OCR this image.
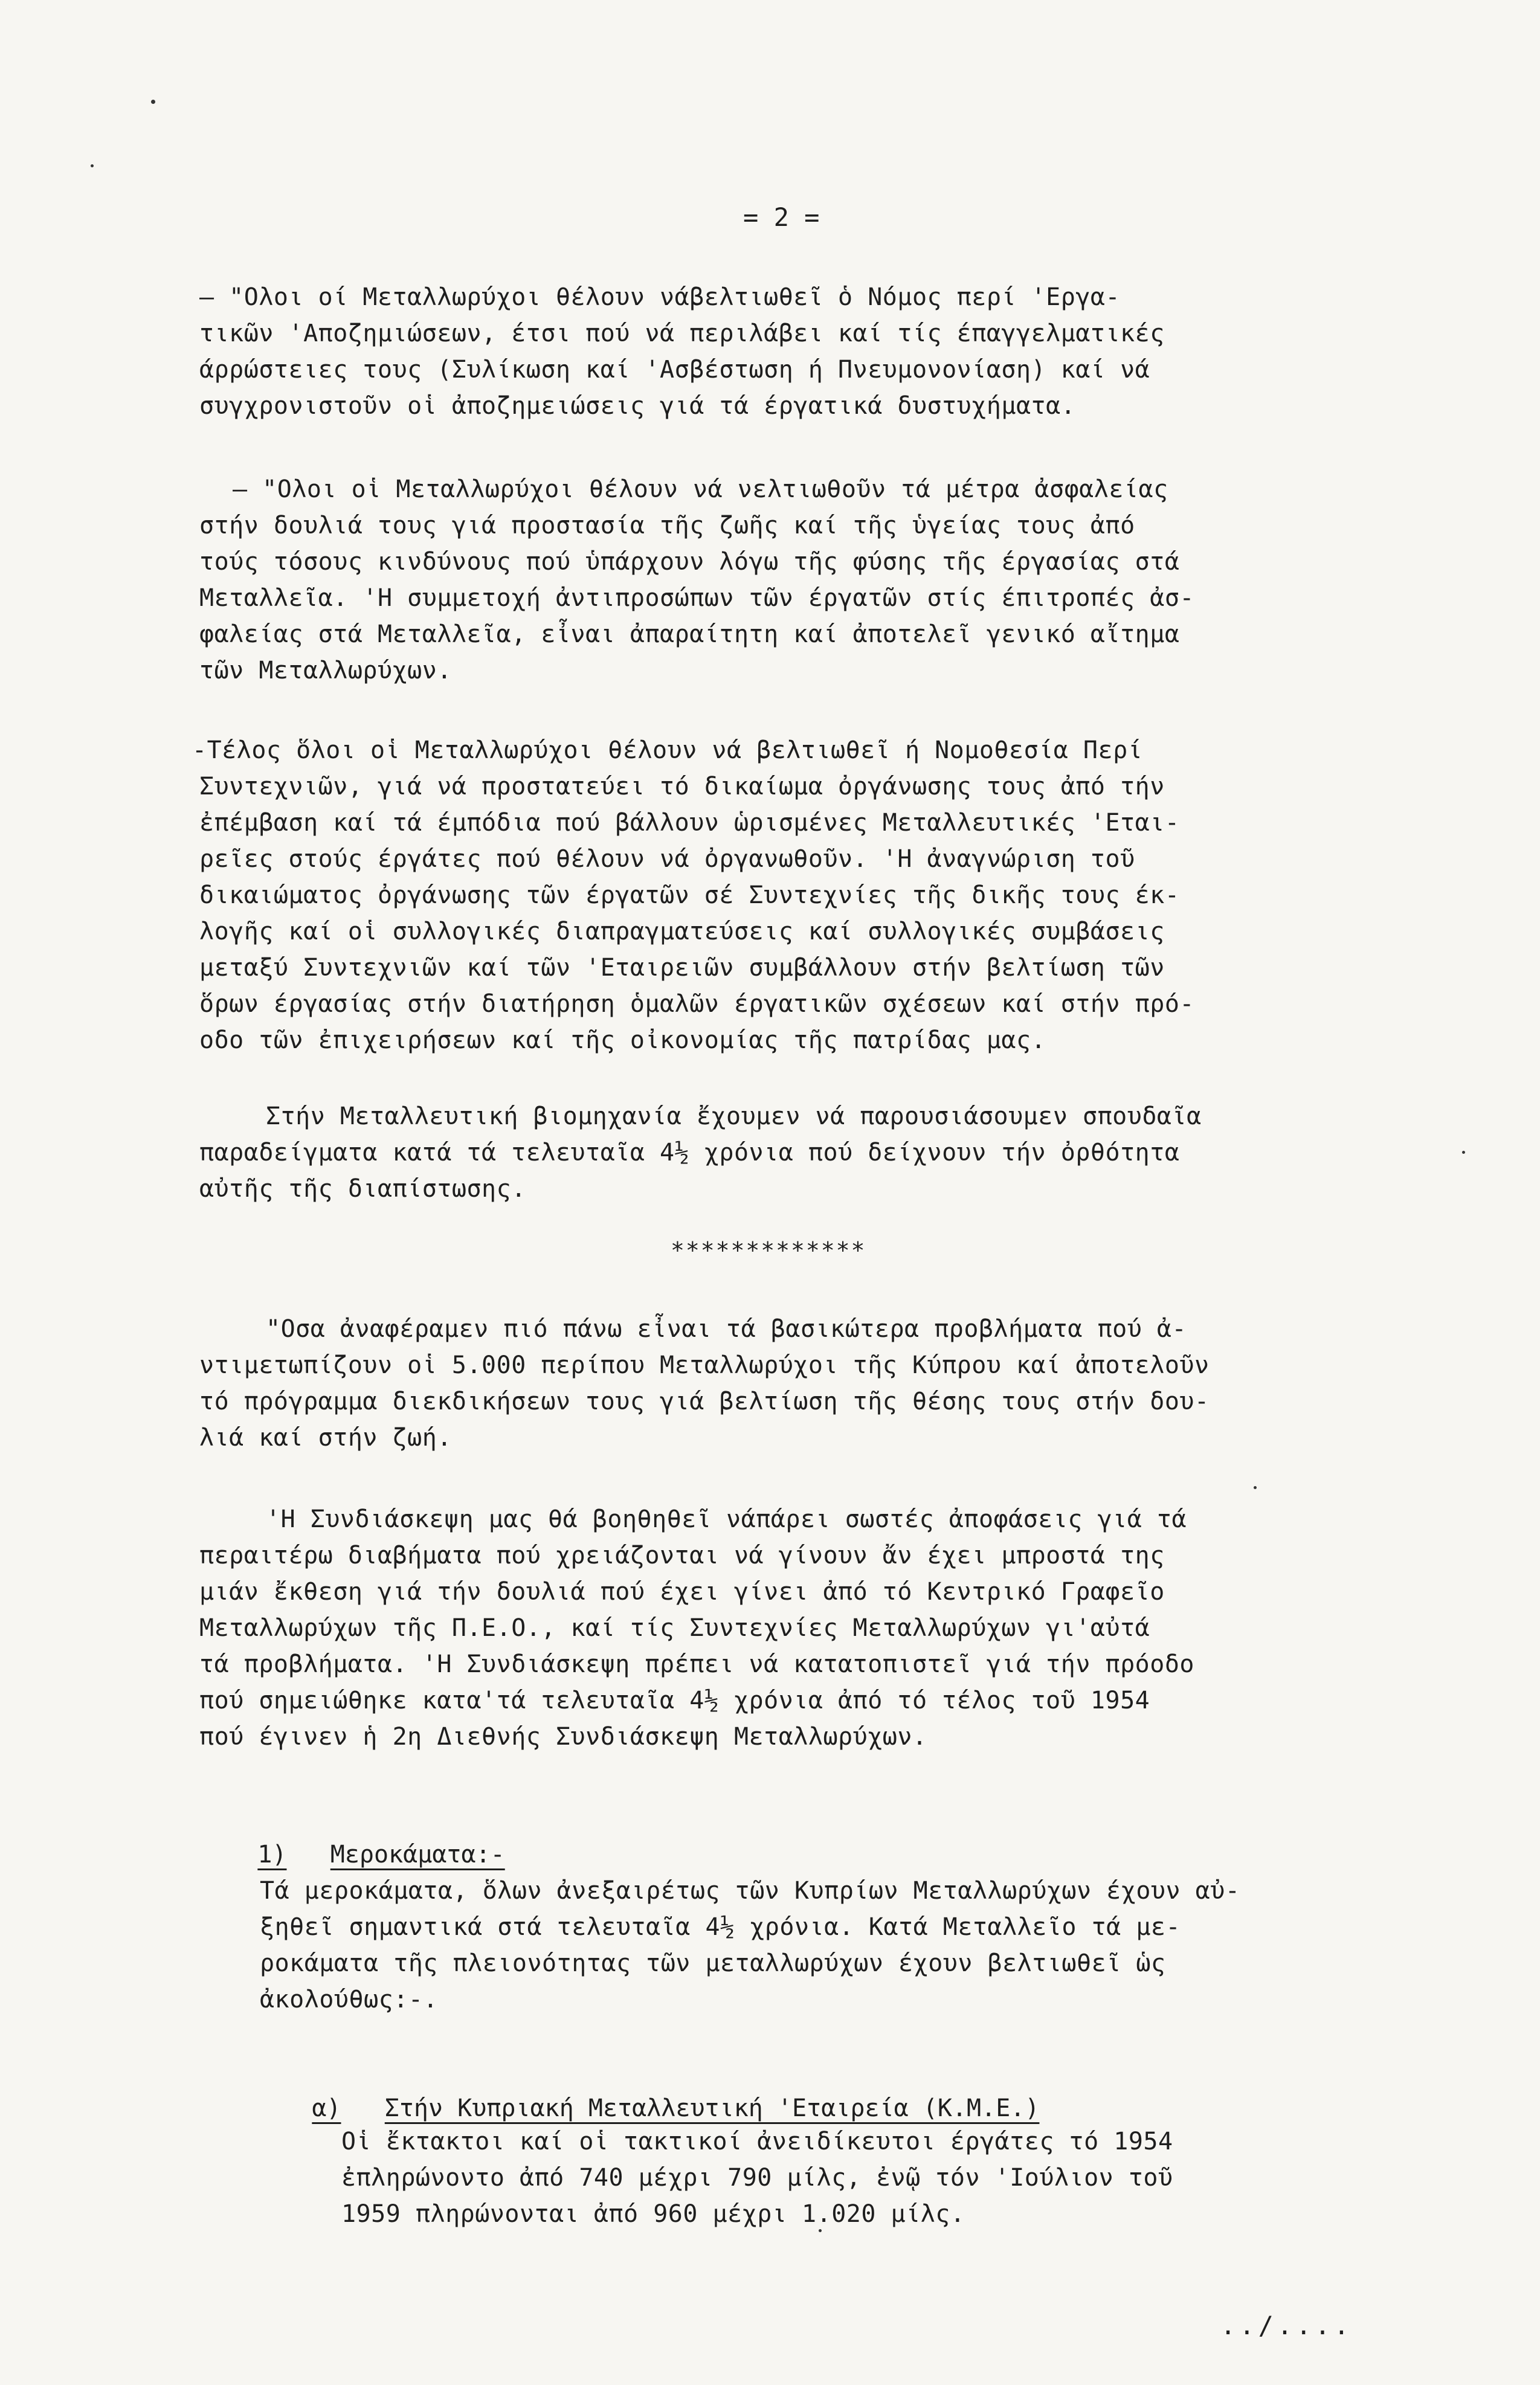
= 2 =
— "Ολοι οί Μεταλλωρύχοι θέλουν νάβελτιωθεῖ ὁ Νόμος περί 'Εργα-
τικῶν 'Αποζημιώσεων, έτσι πού νά περιλάβει καί τίς έπαγγελματικές
άρρώστειες τους (Συλίκωση καί 'Ασβέστωση ή Πνευμονονίαση) καί νά
συγχρονιστοῦν οἱ ἀποζημειώσεις γιά τά έργατικά δυστυχήματα.
— "Ολοι οἱ Μεταλλωρύχοι θέλουν νά νελτιωθοῦν τά μέτρα ἀσφαλείας
στήν δουλιά τους γιά προστασία τῆς ζωῆς καί τῆς ὑγείας τους ἀπό
τούς τόσους κινδύνους πού ὑπάρχουν λόγω τῆς φύσης τῆς έργασίας στά
Μεταλλεῖα. 'Η συμμετοχή ἀντιπροσώπων τῶν έργατῶν στίς έπιτροπές ἀσ-
φαλείας στά Μεταλλεῖα, εἶναι ἀπαραίτητη καί ἀποτελεῖ γενικό αἴτημα
τῶν Μεταλλωρύχων.
-Τέλος ὅλοι οἱ Μεταλλωρύχοι θέλουν νά βελτιωθεῖ ή Νομοθεσία Περί
Συντεχνιῶν, γιά νά προστατεύει τό δικαίωμα ὀργάνωσης τους ἀπό τήν
ἐπέμβαση καί τά έμπόδια πού βάλλουν ὡρισμένες Μεταλλευτικές 'Εται-
ρεῖες στούς έργάτες πού θέλουν νά ὀργανωθοῦν. 'Η ἀναγνώριση τοῦ
δικαιώματος ὀργάνωσης τῶν έργατῶν σέ Συντεχνίες τῆς δικῆς τους έκ-
λογῆς καί οἱ συλλογικές διαπραγματεύσεις καί συλλογικές συμβάσεις
μεταξύ Συντεχνιῶν καί τῶν 'Εταιρειῶν συμβάλλουν στήν βελτίωση τῶν
ὅρων έργασίας στήν διατήρηση ὁμαλῶν έργατικῶν σχέσεων καί στήν πρό-
οδο τῶν ἐπιχειρήσεων καί τῆς οἰκονομίας τῆς πατρίδας μας.
Στήν Μεταλλευτική βιομηχανία ἔχουμεν νά παρουσιάσουμεν σπουδαῖα
παραδείγματα κατά τά τελευταῖα 4½ χρόνια πού δείχνουν τήν ὀρθότητα
αὐτῆς τῆς διαπίστωσης.
*************
"Οσα ἀναφέραμεν πιό πάνω εἶναι τά βασικώτερα προβλήματα πού ἀ-
ντιμετωπίζουν οἱ 5.000 περίπου Μεταλλωρύχοι τῆς Κύπρου καί ἀποτελοῦν
τό πρόγραμμα διεκδικήσεων τους γιά βελτίωση τῆς θέσης τους στήν δου-
λιά καί στήν ζωή.
'Η Συνδιάσκεψη μας θά βοηθηθεῖ νάπάρει σωστές ἀποφάσεις γιά τά
περαιτέρω διαβήματα πού χρειάζονται νά γίνουν ἄν έχει μπροστά της
μιάν ἔκθεση γιά τήν δουλιά πού έχει γίνει ἀπό τό Κεντρικό Γραφεῖο
Μεταλλωρύχων τῆς Π.Ε.Ο., καί τίς Συντεχνίες Μεταλλωρύχων γι'αὐτά
τά προβλήματα. 'Η Συνδιάσκεψη πρέπει νά κατατοπιστεῖ γιά τήν πρόοδο
πού σημειώθηκε κατα'τά τελευταῖα 4½ χρόνια ἀπό τό τέλος τοῦ 1954
πού έγινεν ἡ 2η Διεθνής Συνδιάσκεψη Μεταλλωρύχων.

1) Μεροκάματα:-

Τά μεροκάματα, ὅλων ἀνεξαιρέτως τῶν Κυπρίων Μεταλλωρύχων έχουν αὐ-
ξηθεῖ σημαντικά στά τελευταῖα 4½ χρόνια. Κατά Μεταλλεῖο τά με-
ροκάματα τῆς πλειονότητας τῶν μεταλλωρύχων έχουν βελτιωθεῖ ὡς
ἀκολούθως:-.

α) Στήν Κυπριακή Μεταλλευτική 'Εταιρεία (Κ.Μ.Ε.)

Οἱ ἔκτακτοι καί οἱ τακτικοί ἀνειδίκευτοι έργάτες τό 1954
ἐπληρώνοντο ἀπό 740 μέχρι 790 μίλς, ἐνῷ τόν 'Ιούλιον τοῦ
1959 πληρώνονται ἀπό 960 μέχρι 1.020 μίλς.
../....
